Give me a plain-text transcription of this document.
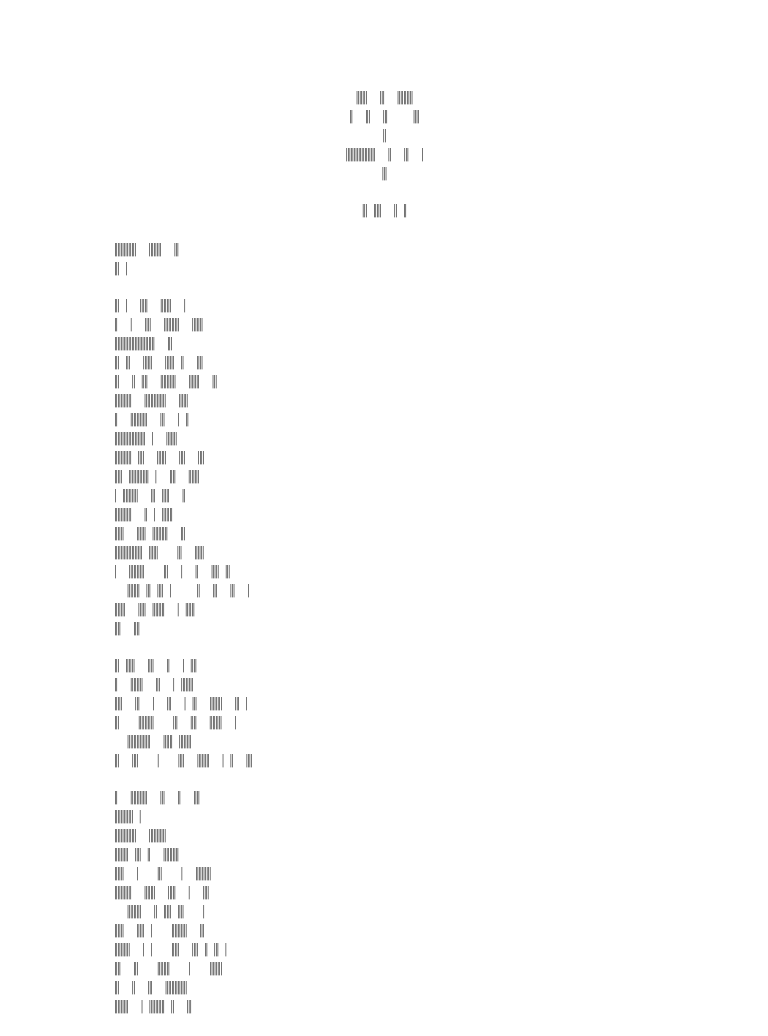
𝄀𝄀𝄀𝄀𝄀𝄀𝄀  𝄀𝄀𝄀  𝄀𝄀𝄀𝄀𝄀𝄀𝄀𝄀𝄀𝄀
𝄀𝄀  𝄀𝄀𝄀  𝄀𝄀𝄀    𝄀𝄀𝄀𝄀
𝄀𝄀
𝄀𝄀𝄀𝄀𝄀𝄀𝄀𝄀𝄀𝄀𝄀𝄀𝄀𝄀𝄀𝄀𝄀𝄀𝄀  𝄀𝄀  𝄀𝄀𝄀  𝄀
𝄀𝄀𝄀
𝄀𝄀𝄀 𝄀𝄀𝄀𝄀𝄀  𝄀𝄀 𝄀𝄀
𝄀𝄀𝄀𝄀𝄀𝄀𝄀𝄀𝄀𝄀𝄀𝄀𝄀𝄀  𝄀𝄀𝄀𝄀𝄀𝄀𝄀𝄀  𝄀𝄀𝄀
𝄀𝄀𝄀 𝄀
𝄀𝄀𝄀 𝄀  𝄀𝄀𝄀𝄀𝄀  𝄀𝄀𝄀𝄀𝄀𝄀𝄀  𝄀
𝄀𝄀  𝄀  𝄀𝄀𝄀𝄀  𝄀𝄀𝄀𝄀𝄀𝄀𝄀𝄀𝄀𝄀  𝄀𝄀𝄀𝄀𝄀𝄀𝄀
𝄀𝄀𝄀𝄀𝄀𝄀𝄀𝄀𝄀𝄀𝄀𝄀𝄀𝄀𝄀𝄀𝄀𝄀𝄀𝄀𝄀𝄀𝄀𝄀𝄀𝄀  𝄀𝄀𝄀
𝄀𝄀𝄀 𝄀𝄀𝄀  𝄀𝄀𝄀𝄀𝄀𝄀  𝄀𝄀𝄀𝄀𝄀𝄀 𝄀𝄀  𝄀𝄀𝄀𝄀
𝄀𝄀𝄀  𝄀𝄀 𝄀𝄀𝄀𝄀  𝄀𝄀𝄀𝄀𝄀𝄀𝄀𝄀𝄀𝄀  𝄀𝄀𝄀𝄀𝄀𝄀𝄀  𝄀𝄀𝄀
𝄀𝄀𝄀𝄀𝄀𝄀𝄀𝄀𝄀𝄀𝄀  𝄀𝄀𝄀𝄀𝄀𝄀𝄀𝄀𝄀𝄀𝄀𝄀𝄀𝄀  𝄀𝄀𝄀𝄀𝄀𝄀
𝄀𝄀  𝄀𝄀𝄀𝄀𝄀𝄀𝄀𝄀𝄀𝄀𝄀  𝄀𝄀𝄀  𝄀 𝄀𝄀
𝄀𝄀𝄀𝄀𝄀𝄀𝄀𝄀𝄀𝄀𝄀𝄀𝄀𝄀𝄀𝄀𝄀𝄀𝄀𝄀 𝄀  𝄀𝄀𝄀𝄀𝄀𝄀𝄀
𝄀𝄀𝄀𝄀𝄀𝄀𝄀𝄀𝄀𝄀𝄀 𝄀𝄀𝄀𝄀  𝄀𝄀𝄀𝄀𝄀𝄀  𝄀𝄀𝄀𝄀  𝄀𝄀𝄀𝄀
𝄀𝄀𝄀𝄀𝄀 𝄀𝄀𝄀𝄀𝄀𝄀𝄀𝄀𝄀𝄀𝄀𝄀𝄀 𝄀  𝄀𝄀𝄀𝄀  𝄀𝄀𝄀𝄀𝄀𝄀𝄀
𝄀 𝄀𝄀𝄀𝄀𝄀𝄀𝄀𝄀𝄀𝄀  𝄀𝄀𝄀 𝄀𝄀𝄀𝄀𝄀  𝄀𝄀
𝄀𝄀𝄀𝄀𝄀𝄀𝄀𝄀𝄀𝄀𝄀  𝄀𝄀 𝄀 𝄀𝄀𝄀𝄀𝄀𝄀𝄀
𝄀𝄀𝄀𝄀𝄀𝄀  𝄀𝄀𝄀𝄀𝄀𝄀 𝄀𝄀𝄀𝄀𝄀𝄀𝄀𝄀𝄀𝄀  𝄀𝄀𝄀
𝄀𝄀𝄀𝄀𝄀𝄀𝄀𝄀𝄀𝄀𝄀𝄀𝄀𝄀𝄀𝄀𝄀𝄀 𝄀𝄀𝄀𝄀𝄀𝄀   𝄀𝄀𝄀  𝄀𝄀𝄀𝄀𝄀𝄀
𝄀  𝄀𝄀𝄀𝄀𝄀𝄀𝄀𝄀𝄀𝄀   𝄀𝄀𝄀  𝄀  𝄀𝄀  𝄀𝄀𝄀𝄀𝄀 𝄀𝄀𝄀
𝄀𝄀𝄀𝄀𝄀𝄀𝄀𝄀 𝄀𝄀𝄀 𝄀𝄀𝄀𝄀 𝄀    𝄀𝄀  𝄀𝄀𝄀  𝄀𝄀𝄀  𝄀
𝄀𝄀𝄀𝄀𝄀𝄀𝄀  𝄀𝄀𝄀𝄀𝄀 𝄀𝄀𝄀𝄀𝄀𝄀𝄀𝄀  𝄀 𝄀𝄀𝄀𝄀𝄀𝄀
𝄀𝄀𝄀𝄀  𝄀𝄀𝄀𝄀
𝄀𝄀𝄀 𝄀𝄀𝄀𝄀𝄀𝄀  𝄀𝄀𝄀𝄀  𝄀𝄀  𝄀 𝄀𝄀𝄀𝄀
𝄀𝄀  𝄀𝄀𝄀𝄀𝄀𝄀𝄀𝄀  𝄀𝄀𝄀  𝄀 𝄀𝄀𝄀𝄀𝄀𝄀𝄀𝄀
𝄀𝄀𝄀𝄀𝄀  𝄀𝄀𝄀  𝄀  𝄀𝄀𝄀  𝄀 𝄀𝄀𝄀  𝄀𝄀𝄀𝄀𝄀𝄀𝄀𝄀  𝄀𝄀𝄀 𝄀
𝄀𝄀𝄀   𝄀𝄀𝄀𝄀𝄀𝄀𝄀𝄀𝄀𝄀   𝄀𝄀𝄀  𝄀𝄀𝄀𝄀  𝄀𝄀𝄀𝄀𝄀𝄀𝄀𝄀  𝄀
𝄀𝄀𝄀𝄀𝄀𝄀𝄀𝄀𝄀𝄀𝄀𝄀𝄀𝄀𝄀  𝄀𝄀𝄀𝄀𝄀𝄀 𝄀𝄀𝄀𝄀𝄀𝄀𝄀𝄀
𝄀𝄀𝄀  𝄀𝄀𝄀𝄀   𝄀   𝄀𝄀𝄀𝄀  𝄀𝄀𝄀𝄀𝄀𝄀𝄀𝄀  𝄀 𝄀𝄀  𝄀𝄀𝄀𝄀
𝄀𝄀  𝄀𝄀𝄀𝄀𝄀𝄀𝄀𝄀𝄀𝄀𝄀  𝄀𝄀𝄀  𝄀𝄀  𝄀𝄀𝄀𝄀
𝄀𝄀𝄀𝄀𝄀𝄀𝄀𝄀𝄀𝄀𝄀𝄀 𝄀
𝄀𝄀𝄀𝄀𝄀𝄀𝄀𝄀𝄀𝄀𝄀𝄀𝄀𝄀  𝄀𝄀𝄀𝄀𝄀𝄀𝄀𝄀𝄀𝄀𝄀
𝄀𝄀𝄀𝄀𝄀𝄀𝄀𝄀𝄀 𝄀𝄀𝄀𝄀 𝄀𝄀  𝄀𝄀𝄀𝄀𝄀𝄀𝄀𝄀𝄀𝄀
𝄀𝄀𝄀𝄀𝄀𝄀  𝄀   𝄀𝄀𝄀   𝄀  𝄀𝄀𝄀𝄀𝄀𝄀𝄀𝄀𝄀𝄀
𝄀𝄀𝄀𝄀𝄀𝄀𝄀𝄀𝄀𝄀𝄀  𝄀𝄀𝄀𝄀𝄀𝄀𝄀  𝄀𝄀𝄀𝄀𝄀  𝄀  𝄀𝄀𝄀𝄀
𝄀𝄀𝄀𝄀𝄀𝄀𝄀𝄀𝄀  𝄀𝄀 𝄀𝄀𝄀𝄀𝄀 𝄀𝄀𝄀𝄀   𝄀
𝄀𝄀𝄀𝄀𝄀𝄀  𝄀𝄀𝄀𝄀𝄀 𝄀   𝄀𝄀𝄀𝄀𝄀𝄀𝄀𝄀𝄀𝄀  𝄀𝄀𝄀
𝄀𝄀𝄀𝄀𝄀𝄀𝄀𝄀𝄀𝄀  𝄀 𝄀   𝄀𝄀𝄀𝄀𝄀  𝄀𝄀𝄀𝄀 𝄀𝄀 𝄀𝄀𝄀 𝄀
𝄀𝄀𝄀𝄀  𝄀𝄀𝄀   𝄀𝄀𝄀𝄀𝄀𝄀𝄀𝄀   𝄀   𝄀𝄀𝄀𝄀𝄀𝄀𝄀𝄀
𝄀𝄀𝄀  𝄀𝄀  𝄀𝄀𝄀  𝄀𝄀𝄀𝄀𝄀𝄀𝄀𝄀𝄀𝄀𝄀𝄀𝄀𝄀
𝄀𝄀𝄀𝄀𝄀𝄀𝄀𝄀𝄀  𝄀 𝄀𝄀𝄀𝄀𝄀𝄀𝄀𝄀𝄀𝄀 𝄀𝄀  𝄀𝄀𝄀
